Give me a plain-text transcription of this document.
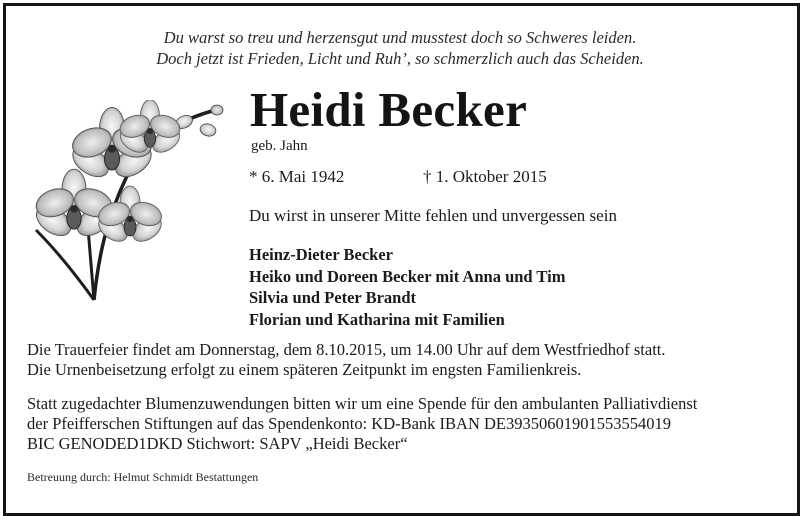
Du warst so treu und herzensgut und musstest doch so Schweres leiden.
Doch jetzt ist Frieden, Licht und Ruh’, so schmerzlich auch das Scheiden.
Heidi Becker
geb. Jahn
* 6. Mai 1942	† 1. Oktober 2015
Du wirst in unserer Mitte fehlen und unvergessen sein
Heinz-Dieter Becker
Heiko und Doreen Becker mit Anna und Tim
Silvia und Peter Brandt
Florian und Katharina mit Familien
Die Trauerfeier findet am Donnerstag, dem 8.10.2015, um 14.00 Uhr auf dem Westfriedhof statt.
Die Urnenbeisetzung erfolgt zu einem späteren Zeitpunkt im engsten Familienkreis.
Statt zugedachter Blumenzuwendungen bitten wir um eine Spende für den ambulanten Palliativdienst
der Pfeifferschen Stiftungen auf das Spendenkonto: KD-Bank IBAN DE39350601901553554019
BIC GENODED1DKD Stichwort: SAPV „Heidi Becker“
Betreuung durch: Helmut Schmidt Bestattungen
